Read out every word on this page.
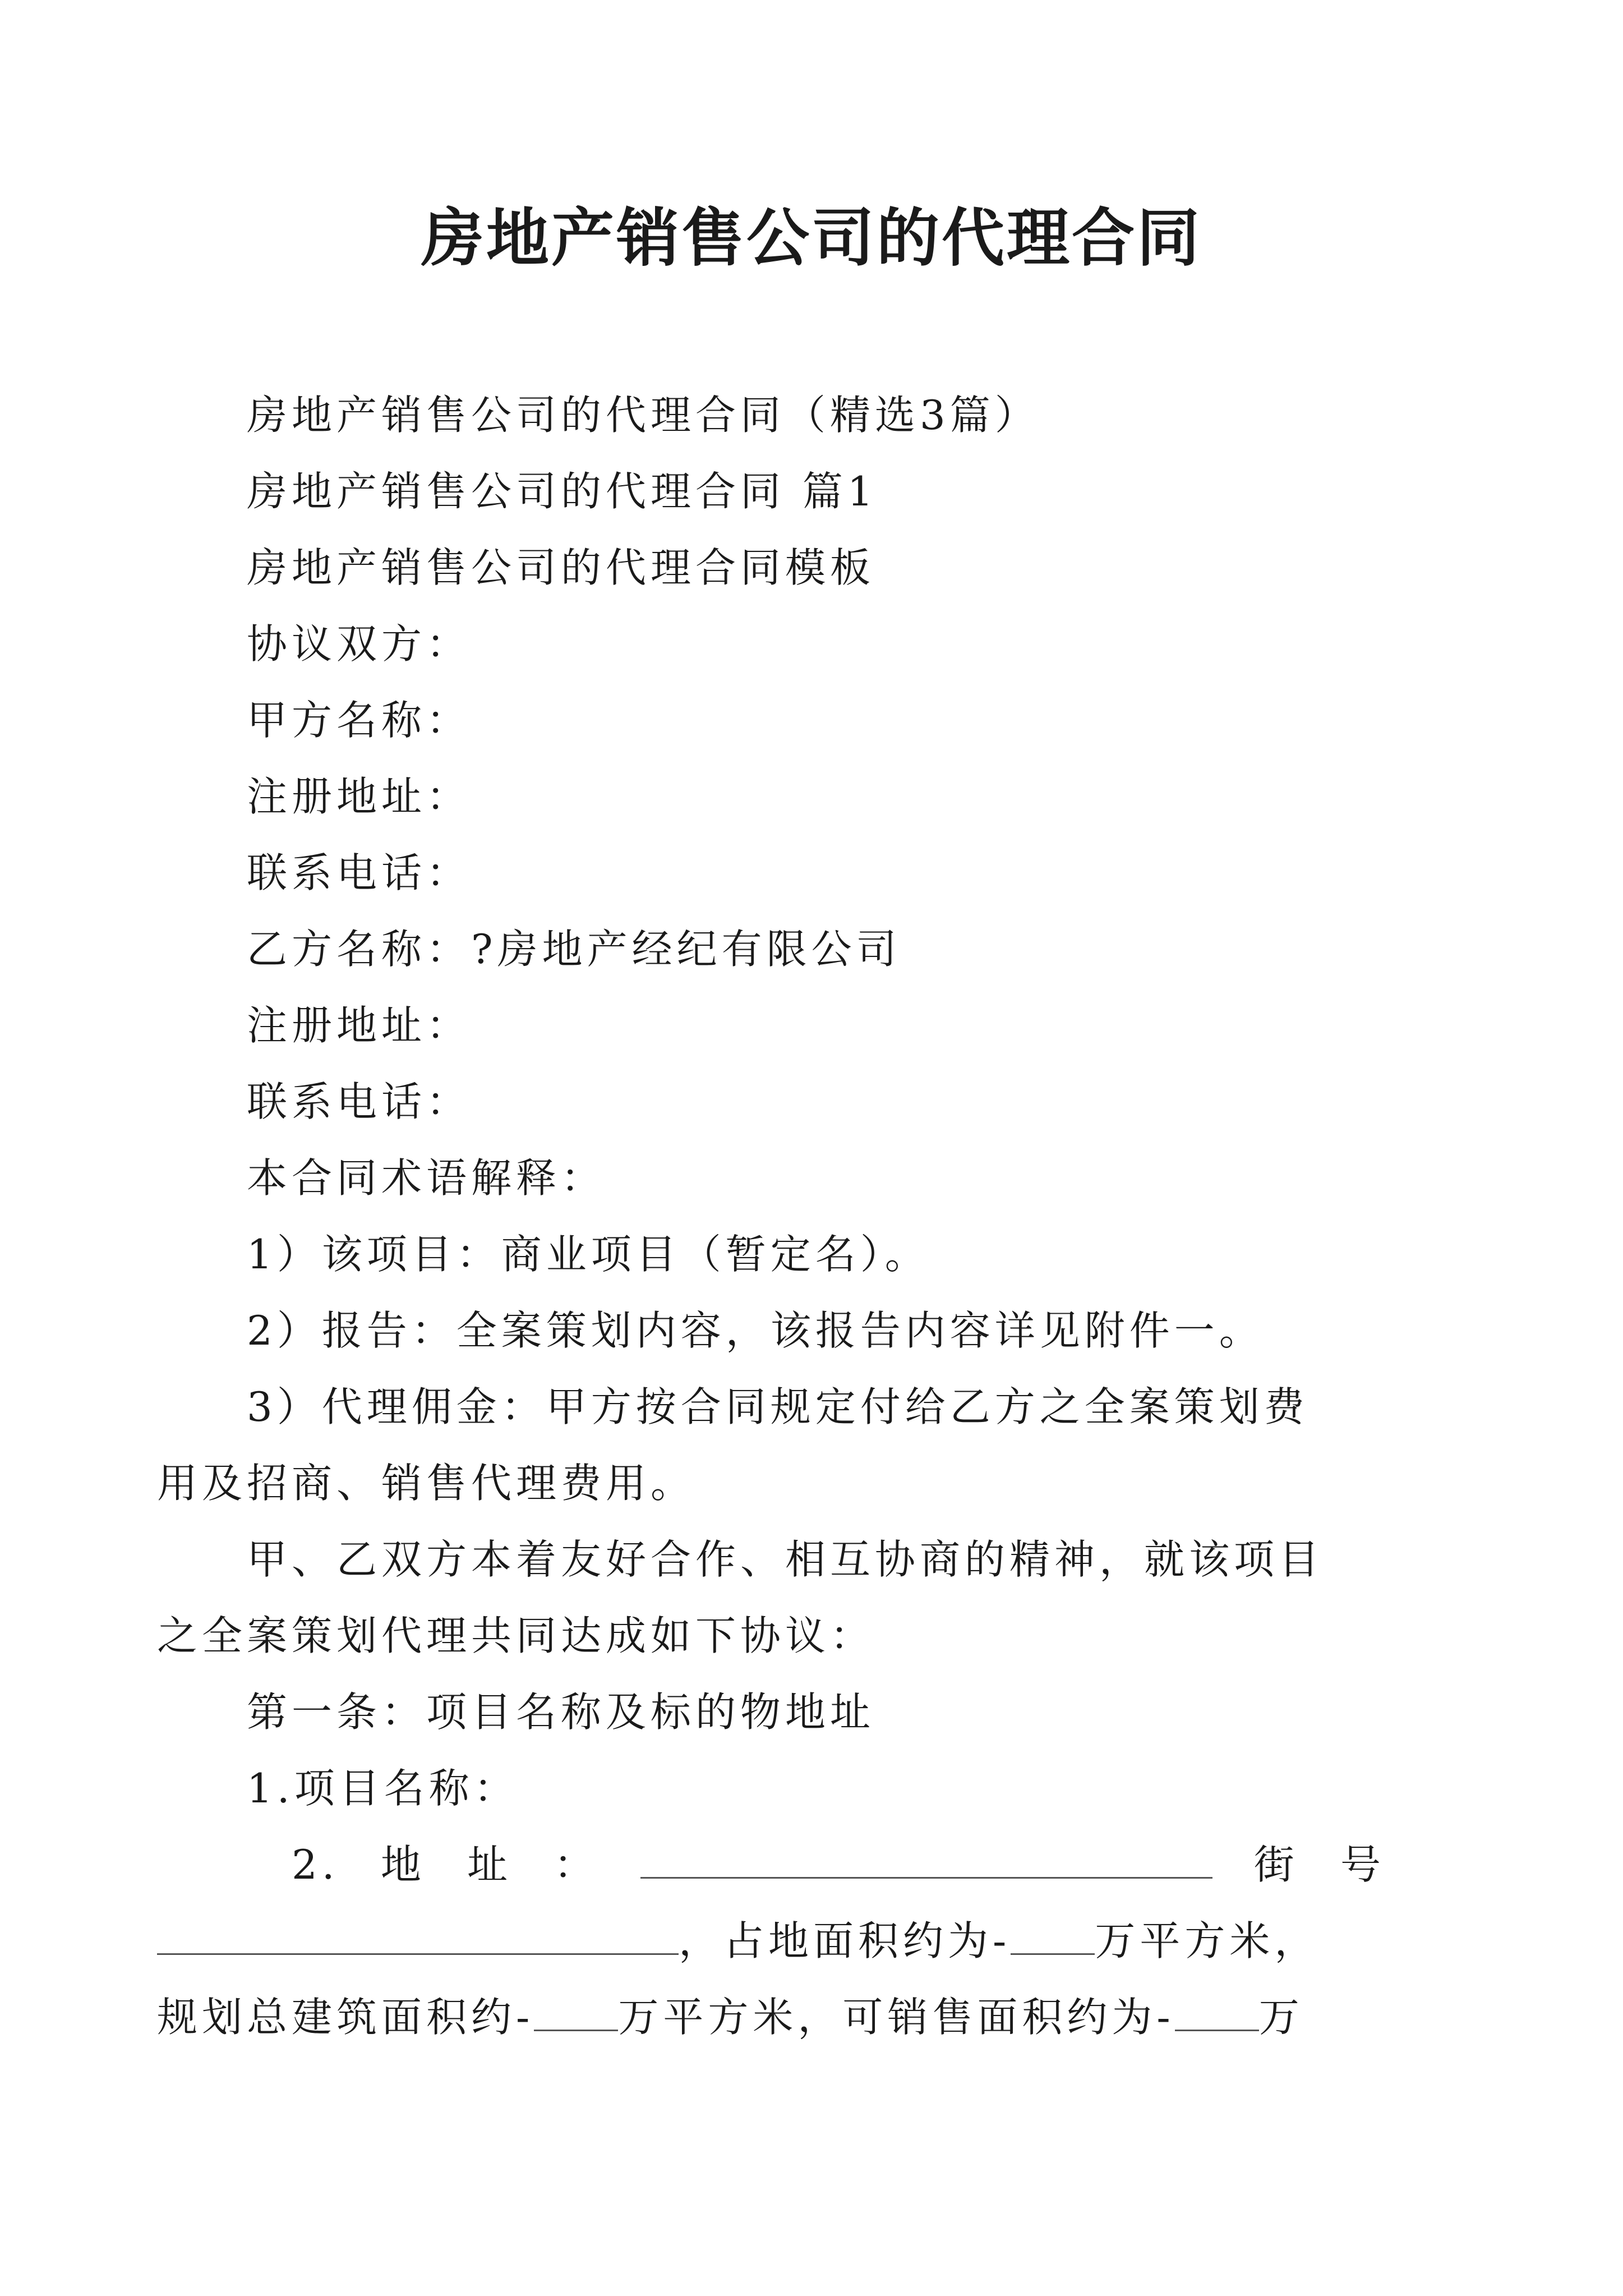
房地产销售公司的代理合同
房地产销售公司的代理合同（精选3篇）
房地产销售公司的代理合同 篇1
房地产销售公司的代理合同模板
协议双方：
甲方名称：
注册地址：
联系电话：
乙方名称：?房地产经纪有限公司
注册地址：
联系电话：
本合同术语解释：
1）该项目：商业项目（暂定名）。
2）报告：全案策划内容，该报告内容详见附件一。
3）代理佣金：甲方按合同规定付给乙方之全案策划费
用及招商、销售代理费用。
甲、乙双方本着友好合作、相互协商的精神，就该项目
之全案策划代理共同达成如下协议：
第一条：项目名称及标的物地址
1.项目名称：
2. 地 址 ：	街 号
，占地面积约为- 万平方米，
规划总建筑面积约- 万平方米，可销售面积约为- 万
